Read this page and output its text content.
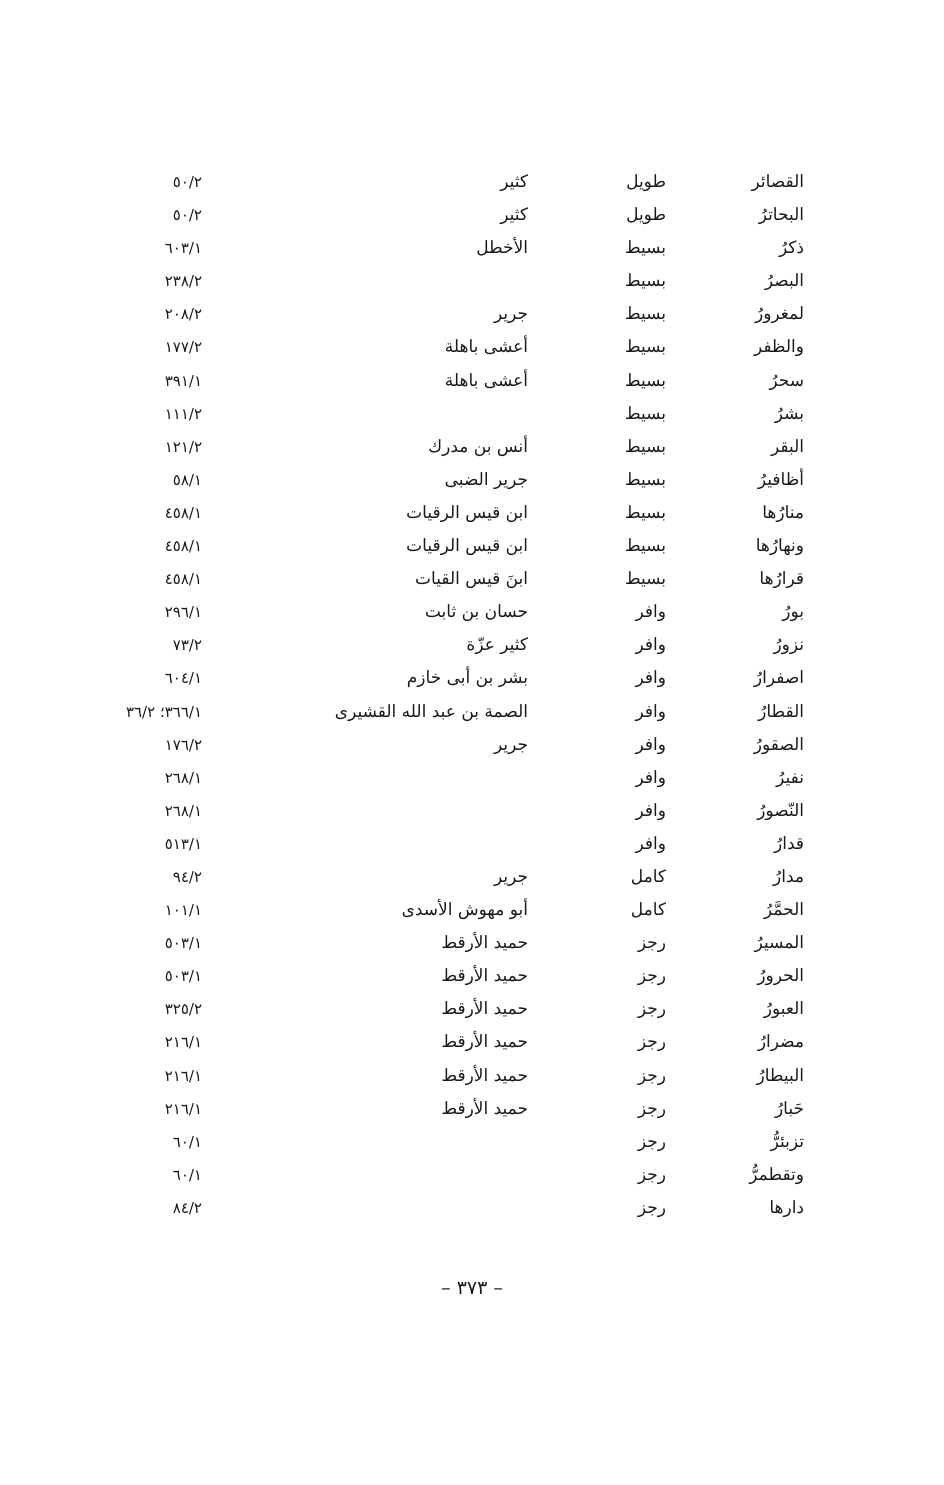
القصائر
طويل
كثير
٥٠/٢
البحاترُ
طويل
كثير
٥٠/٢
ذكرُ
بسيط
الأخطل
٦٠٣/١
البصرُ
بسيط
٢٣٨/٢
لمغرورُ
بسيط
جرير
٢٠٨/٢
والظفر
بسيط
أعشى باهلة
١٧٧/٢
سحرُ
بسيط
أعشى باهلة
٣٩١/١
بشرُ
بسيط
١١١/٢
البقر
بسيط
أنس بن مدرك
١٢١/٢
أظافيرُ
بسيط
جرير الضبى
٥٨/١
منارُها
بسيط
ابن قيس الرقيات
٤٥٨/١
ونهارُها
بسيط
ابن قيس الرقيات
٤٥٨/١
قرارُها
بسيط
ابنَ قيس القيات
٤٥٨/١
بورُ
وافر
حسان بن ثابت
٢٩٦/١
نزورُ
وافر
كثير عزّة
٧٣/٢
اصفرارُ
وافر
بشر بن أبى خازم
٦٠٤/١
القطارُ
وافر
الصمة بن عبد الله القشيرى
٣٦٦/١؛ ٣٦/٢
الصقورُ
وافر
جرير
١٧٦/٢
نفيرُ
وافر
٢٦٨/١
النّصورُ
وافر
٢٦٨/١
قدارُ
وافر
٥١٣/١
مدارُ
كامل
جرير
٩٤/٢
الحمَّرُ
كامل
أبو مهوش الأسدى
١٠١/١
المسيرُ
رجز
حميد الأرقط
٥٠٣/١
الحرورُ
رجز
حميد الأرقط
٥٠٣/١
العبورُ
رجز
حميد الأرقط
٣٢٥/٢
مضرارُ
رجز
حميد الأرقط
٢١٦/١
البيطارُ
رجز
حميد الأرقط
٢١٦/١
حَبارُ
رجز
حميد الأرقط
٢١٦/١
تزبئرُّ
رجز
٦٠/١
وتقطمرُّ
رجز
٦٠/١
دارها
رجز
٨٤/٢
– ٣٧٣ –
